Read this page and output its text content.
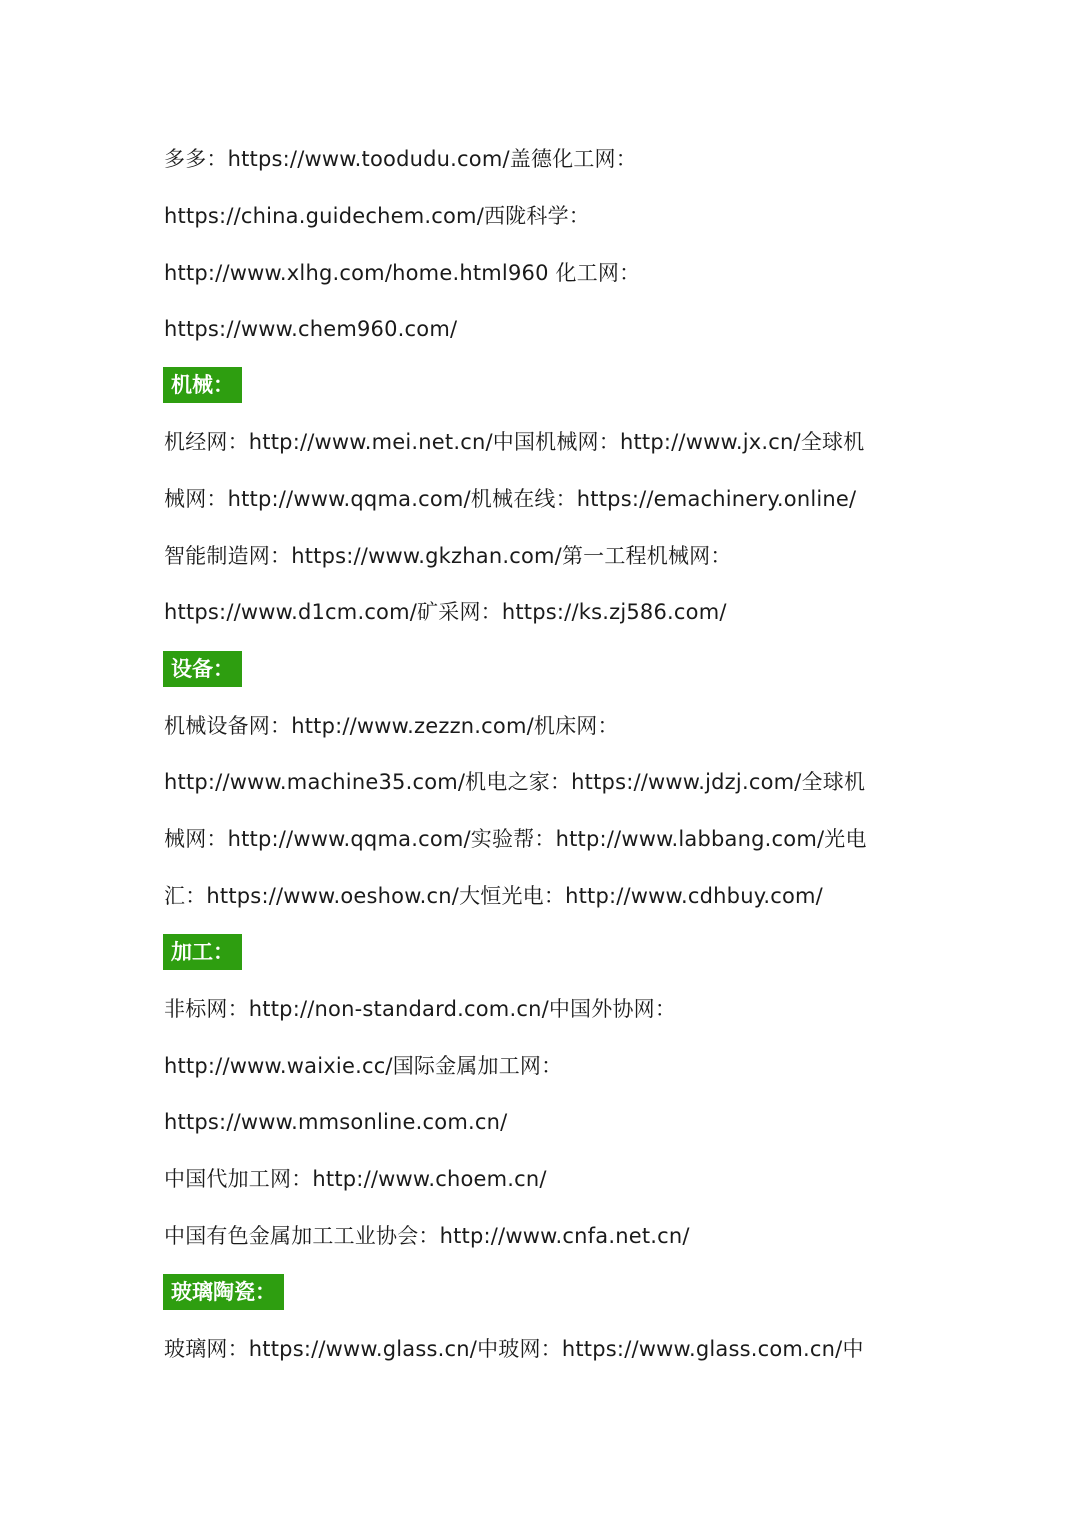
多多：https://www.toodudu.com/盖德化工网：
https://china.guidechem.com/西陇科学：
http://www.xlhg.com/home.html960 化工网：
https://www.chem960.com/
机械：
机经网：http://www.mei.net.cn/中国机械网：http://www.jx.cn/全球机
械网：http://www.qqma.com/机械在线：https://emachinery.online/
智能制造网：https://www.gkzhan.com/第一工程机械网：
https://www.d1cm.com/矿采网：https://ks.zj586.com/
设备：
机械设备网：http://www.zezzn.com/机床网：
http://www.machine35.com/机电之家：https://www.jdzj.com/全球机
械网：http://www.qqma.com/实验帮：http://www.labbang.com/光电
汇：https://www.oeshow.cn/大恒光电：http://www.cdhbuy.com/
加工：
非标网：http://non-standard.com.cn/中国外协网：
http://www.waixie.cc/国际金属加工网：
https://www.mmsonline.com.cn/
中国代加工网：http://www.choem.cn/
中国有色金属加工工业协会：http://www.cnfa.net.cn/
玻璃陶瓷：
玻璃网：https://www.glass.cn/中玻网：https://www.glass.com.cn/中
